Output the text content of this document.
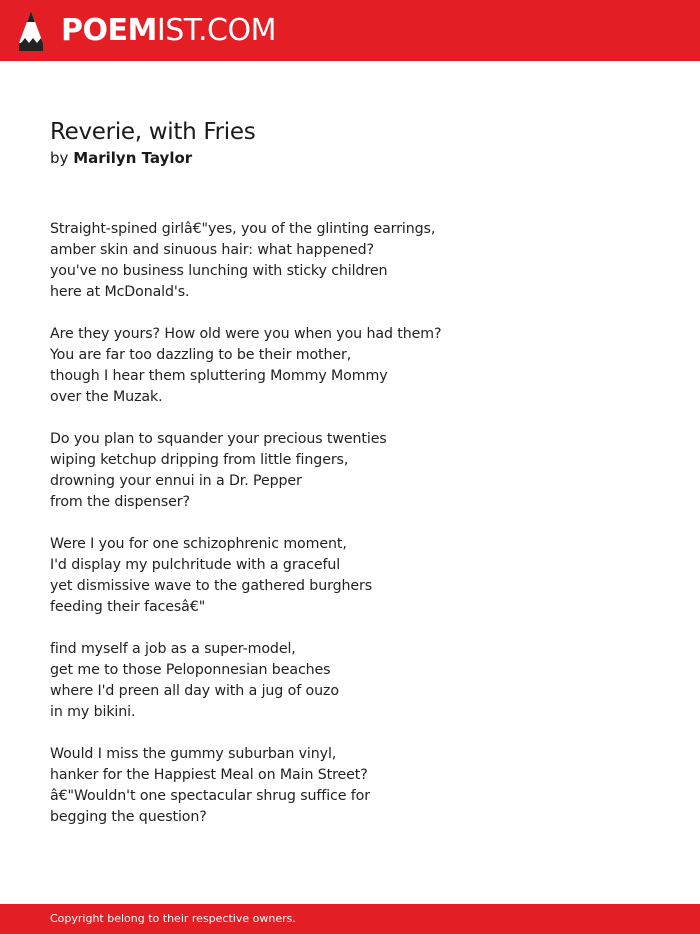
POEMIST.COM
Reverie, with Fries
by Marilyn Taylor
Straight-spined girlâ€"yes, you of the glinting earrings,
amber skin and sinuous hair: what happened?
you've no business lunching with sticky children
here at McDonald's.
Are they yours? How old were you when you had them?
You are far too dazzling to be their mother,
though I hear them spluttering Mommy Mommy
over the Muzak.
Do you plan to squander your precious twenties
wiping ketchup dripping from little fingers,
drowning your ennui in a Dr. Pepper
from the dispenser?
Were I you for one schizophrenic moment,
I'd display my pulchritude with a graceful
yet dismissive wave to the gathered burghers
feeding their facesâ€"
find myself a job as a super-model,
get me to those Peloponnesian beaches
where I'd preen all day with a jug of ouzo
in my bikini.
Would I miss the gummy suburban vinyl,
hanker for the Happiest Meal on Main Street?
â€"Wouldn't one spectacular shrug suffice for
begging the question?
Copyright belong to their respective owners.
